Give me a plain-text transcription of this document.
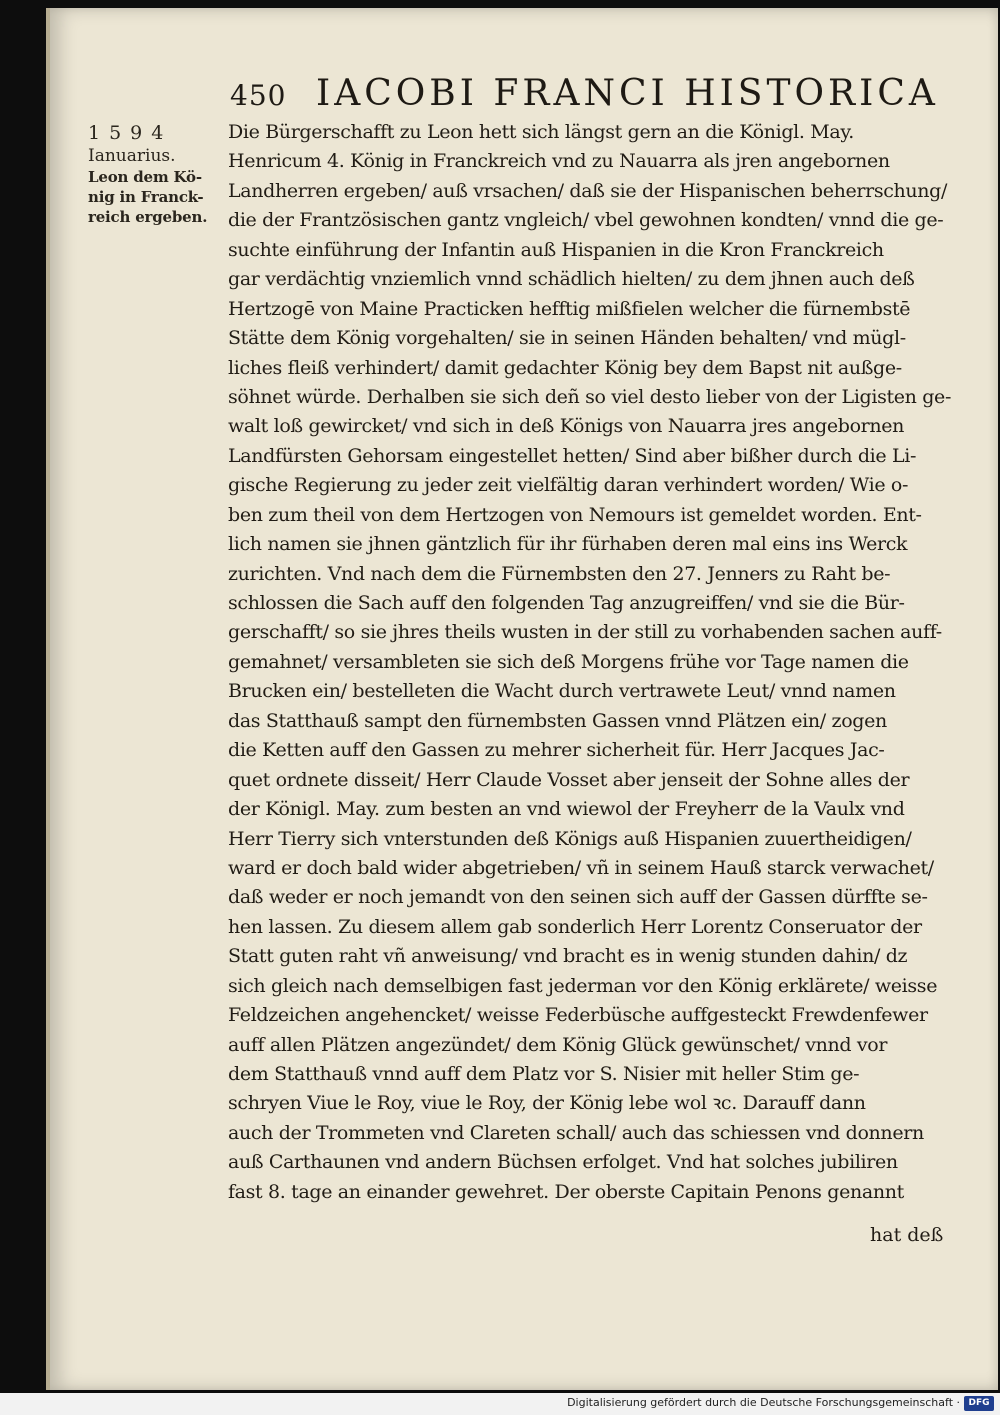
450 IACOBI FRANCI HISTORICA
1594
Ianuarius.
Leon dem Kö-
nig in Franck-
reich ergeben.
Die Bürgerschafft zu Leon hett sich längst gern an die Königl. May.
Henricum 4. König in Franckreich vnd zu Nauarra als jren angebornen
Landherren ergeben/ auß vrsachen/ daß sie der Hispanischen beherrschung/
die der Frantzösischen gantz vngleich/ vbel gewohnen kondten/ vnnd die ge-
suchte einführung der Infantin auß Hispanien in die Kron Franckreich
gar verdächtig vnziemlich vnnd schädlich hielten/ zu dem jhnen auch deß
Hertzogē von Maine Practicken hefftig mißfielen welcher die fürnembstē
Stätte dem König vorgehalten/ sie in seinen Händen behalten/ vnd mügl-
liches fleiß verhindert/ damit gedachter König bey dem Bapst nit außge-
söhnet würde. Derhalben sie sich deñ so viel desto lieber von der Ligisten ge-
walt loß gewircket/ vnd sich in deß Königs von Nauarra jres angebornen
Landfürsten Gehorsam eingestellet hetten/ Sind aber bißher durch die Li-
gische Regierung zu jeder zeit vielfältig daran verhindert worden/ Wie o-
ben zum theil von dem Hertzogen von Nemours ist gemeldet worden. Ent-
lich namen sie jhnen gäntzlich für ihr fürhaben deren mal eins ins Werck
zurichten. Vnd nach dem die Fürnembsten den 27. Jenners zu Raht be-
schlossen die Sach auff den folgenden Tag anzugreiffen/ vnd sie die Bür-
gerschafft/ so sie jhres theils wusten in der still zu vorhabenden sachen auff-
gemahnet/ versambleten sie sich deß Morgens frühe vor Tage namen die
Brucken ein/ bestelleten die Wacht durch vertrawete Leut/ vnnd namen
das Statthauß sampt den fürnembsten Gassen vnnd Plätzen ein/ zogen
die Ketten auff den Gassen zu mehrer sicherheit für. Herr Jacques Jac-
quet ordnete disseit/ Herr Claude Vosset aber jenseit der Sohne alles der
der Königl. May. zum besten an vnd wiewol der Freyherr de la Vaulx vnd
Herr Tierry sich vnterstunden deß Königs auß Hispanien zuuertheidigen/
ward er doch bald wider abgetrieben/ vñ in seinem Hauß starck verwachet/
daß weder er noch jemandt von den seinen sich auff der Gassen dürffte se-
hen lassen. Zu diesem allem gab sonderlich Herr Lorentz Conseruator der
Statt guten raht vñ anweisung/ vnd bracht es in wenig stunden dahin/ dz
sich gleich nach demselbigen fast jederman vor den König erklärete/ weisse
Feldzeichen angehencket/ weisse Federbüsche auffgesteckt Frewdenfewer
auff allen Plätzen angezündet/ dem König Glück gewünschet/ vnnd vor
dem Statthauß vnnd auff dem Platz vor S. Nisier mit heller Stim ge-
schryen Viue le Roy, viue le Roy, der König lebe wol ꝛc. Darauff dann
auch der Trommeten vnd Clareten schall/ auch das schiessen vnd donnern
auß Carthaunen vnd andern Büchsen erfolget. Vnd hat solches jubiliren
fast 8. tage an einander gewehret. Der oberste Capitain Penons genannt
hat deß
Digitalisierung gefördert durch die Deutsche Forschungsgemeinschaft · DFG
